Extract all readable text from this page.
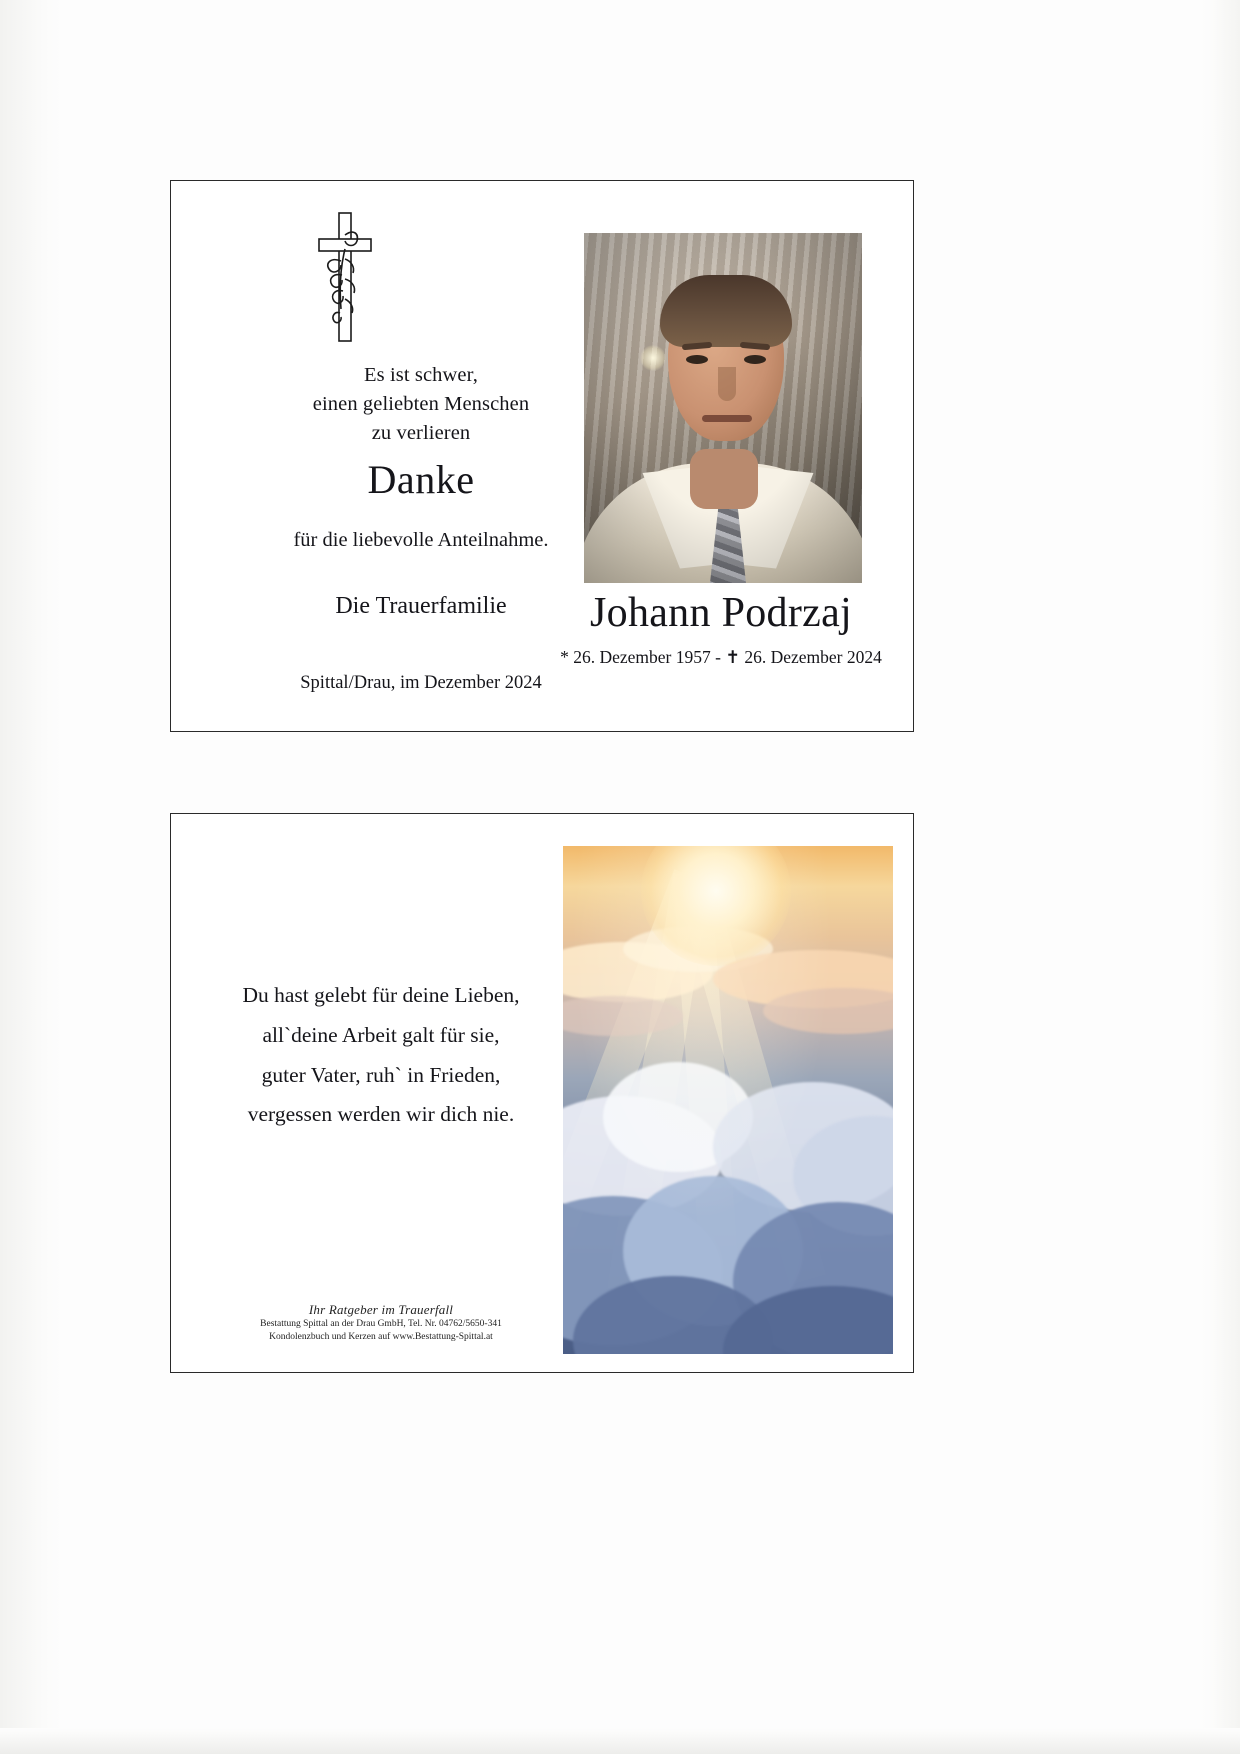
Es ist schwer,
einen geliebten Menschen
zu verlieren
Danke
für die liebevolle Anteilnahme.
Die Trauerfamilie
Spittal/Drau, im Dezember 2024
Johann Podrzaj
* 26. Dezember 1957 - ✝ 26. Dezember 2024
Du hast gelebt für deine Lieben,
all`deine Arbeit galt für sie,
guter Vater, ruh` in Frieden,
vergessen werden wir dich nie.
Ihr Ratgeber im Trauerfall
Bestattung Spittal an der Drau GmbH, Tel. Nr. 04762/5650-341
Kondolenzbuch und Kerzen auf www.Bestattung-Spittal.at
